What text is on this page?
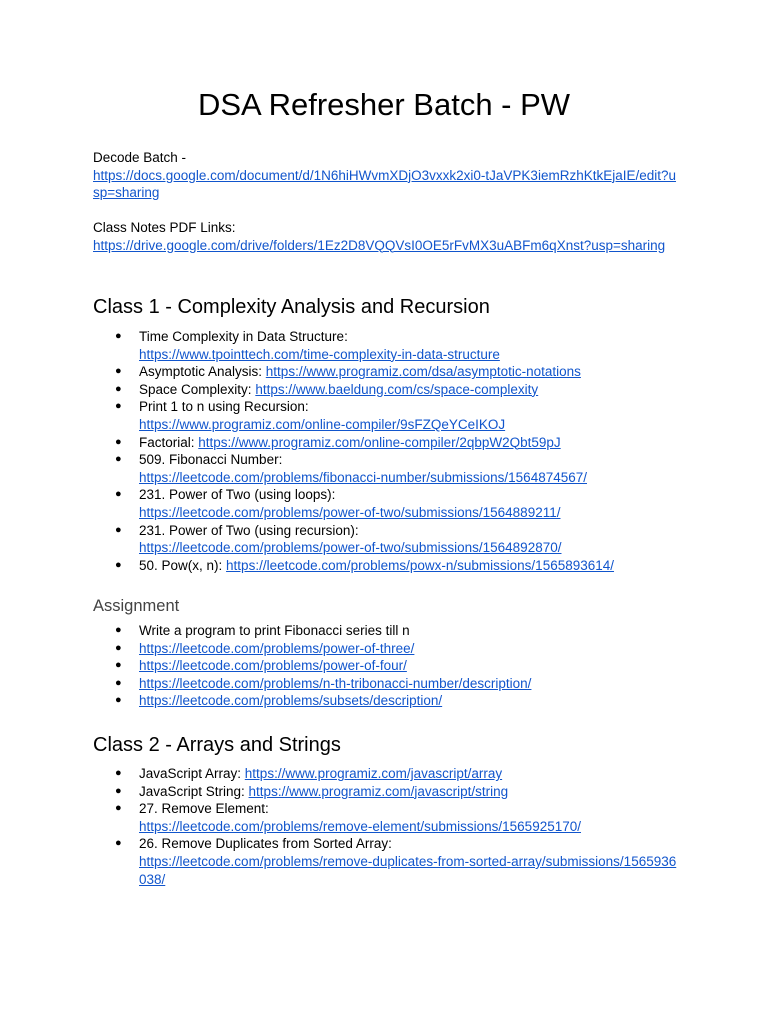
DSA Refresher Batch - PW
Decode Batch -
https://docs.google.com/document/d/1N6hiHWvmXDjO3vxxk2xi0-tJaVPK3iemRzhKtkEjaIE/edit?usp=sharing
Class Notes PDF Links:
https://drive.google.com/drive/folders/1Ez2D8VQQVsI0OE5rFvMX3uABFm6qXnst?usp=sharing
Class 1 - Complexity Analysis and Recursion
● Time Complexity in Data Structure:
https://www.tpointtech.com/time-complexity-in-data-structure
● Asymptotic Analysis: https://www.programiz.com/dsa/asymptotic-notations
● Space Complexity: https://www.baeldung.com/cs/space-complexity
● Print 1 to n using Recursion:
https://www.programiz.com/online-compiler/9sFZQeYCeIKOJ
● Factorial: https://www.programiz.com/online-compiler/2qbpW2Qbt59pJ
● 509. Fibonacci Number:
https://leetcode.com/problems/fibonacci-number/submissions/1564874567/
● 231. Power of Two (using loops):
https://leetcode.com/problems/power-of-two/submissions/1564889211/
● 231. Power of Two (using recursion):
https://leetcode.com/problems/power-of-two/submissions/1564892870/
● 50. Pow(x, n): https://leetcode.com/problems/powx-n/submissions/1565893614/
Assignment
● Write a program to print Fibonacci series till n
● https://leetcode.com/problems/power-of-three/
● https://leetcode.com/problems/power-of-four/
● https://leetcode.com/problems/n-th-tribonacci-number/description/
● https://leetcode.com/problems/subsets/description/
Class 2 - Arrays and Strings
● JavaScript Array: https://www.programiz.com/javascript/array
● JavaScript String: https://www.programiz.com/javascript/string
● 27. Remove Element:
https://leetcode.com/problems/remove-element/submissions/1565925170/
● 26. Remove Duplicates from Sorted Array:
https://leetcode.com/problems/remove-duplicates-from-sorted-array/submissions/1565936038/
